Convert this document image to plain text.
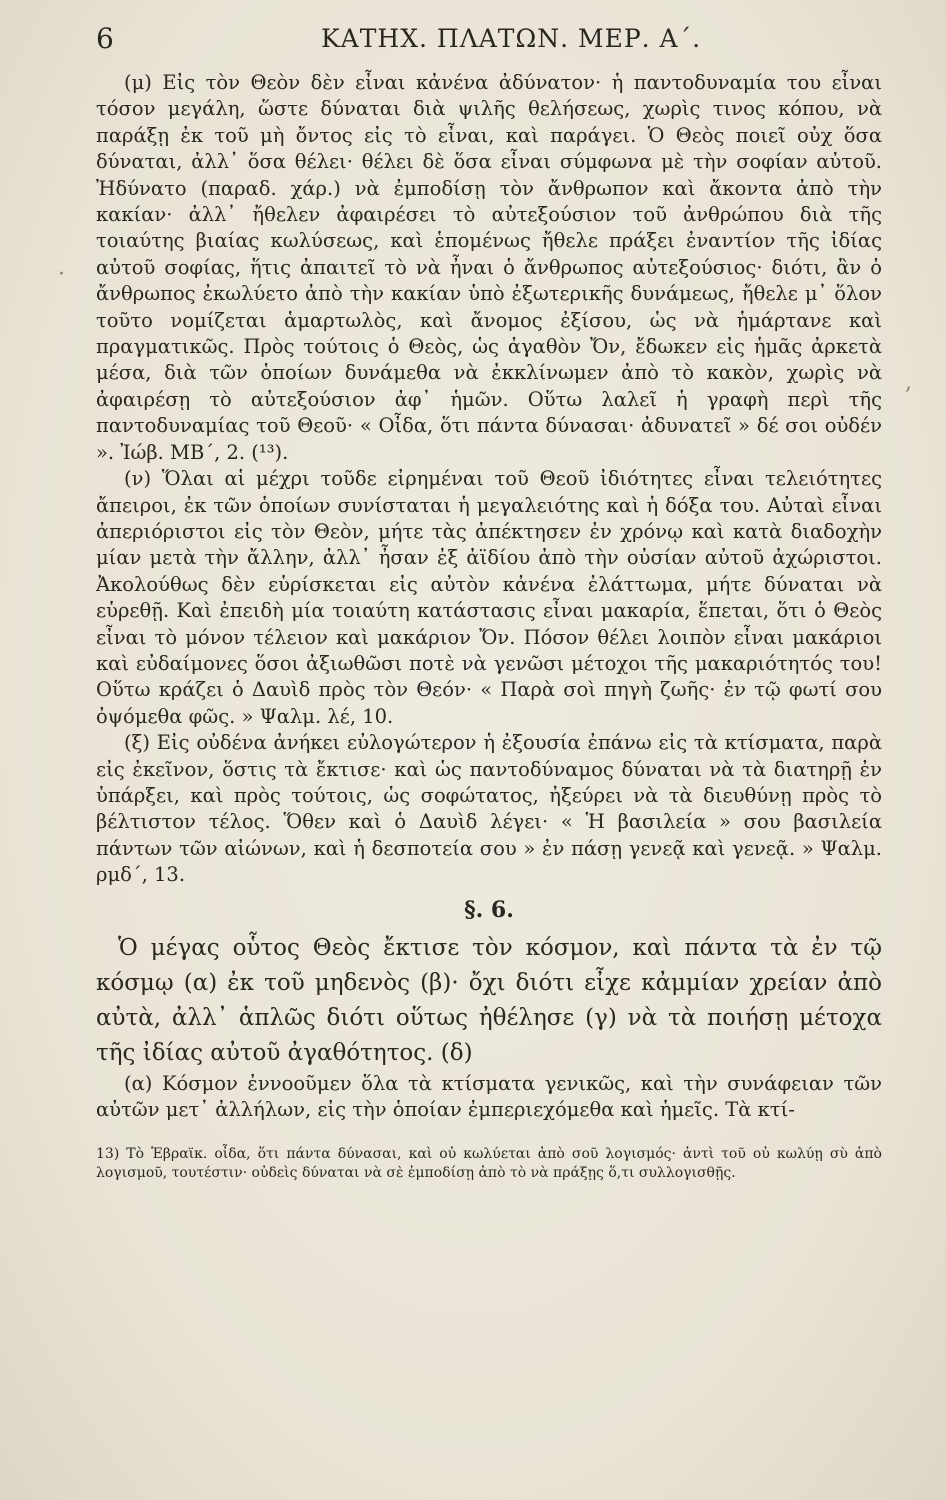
6	ΚΑΤΗΧ. ΠΛΑΤΩΝ. ΜΕΡ. Α΄.
·
,

(μ) Εἰς τὸν Θεὸν δὲν εἶναι κἀνένα ἀδύνατον· ἡ παντοδυναμία του εἶναι τόσον μεγάλη, ὥστε δύναται διὰ ψιλῆς θελήσεως, χωρὶς τινος κόπου, νὰ παράξῃ ἐκ τοῦ μὴ ὄντος εἰς τὸ εἶναι, καὶ παράγει. Ὁ Θεὸς ποιεῖ οὐχ ὅσα δύναται, ἀλλ᾽ ὅσα θέλει· θέλει δὲ ὅσα εἶναι σύμφωνα μὲ τὴν σοφίαν αὐτοῦ. Ἠδύνατο (παραδ. χάρ.) νὰ ἐμποδίσῃ τὸν ἄνθρωπον καὶ ἄκοντα ἀπὸ τὴν κακίαν· ἀλλ᾽ ἤθελεν ἀφαιρέσει τὸ αὐτεξούσιον τοῦ ἀνθρώπου διὰ τῆς τοιαύτης βιαίας κωλύσεως, καὶ ἑπομένως ἤθελε πράξει ἐναντίον τῆς ἰδίας αὐτοῦ σοφίας, ἥτις ἀπαιτεῖ τὸ νὰ ἦναι ὁ ἄνθρωπος αὐτεξούσιος· διότι, ἂν ὁ ἄνθρωπος ἐκωλύετο ἀπὸ τὴν κακίαν ὑπὸ ἐξωτερικῆς δυνάμεως, ἤθελε μ᾽ ὅλον τοῦτο νομίζεται ἁμαρτωλὸς, καὶ ἄνομος ἐξίσου, ὡς νὰ ἡμάρτανε καὶ πραγματικῶς. Πρὸς τούτοις ὁ Θεὸς, ὡς ἀγαθὸν Ὄν, ἔδωκεν εἰς ἡμᾶς ἀρκετὰ μέσα, διὰ τῶν ὁποίων δυνάμεθα νὰ ἐκκλίνωμεν ἀπὸ τὸ κακὸν, χωρὶς νὰ ἀφαιρέσῃ τὸ αὐτεξούσιον ἀφ᾽ ἡμῶν. Οὕτω λαλεῖ ἡ γραφὴ περὶ τῆς παντοδυναμίας τοῦ Θεοῦ· « Οἶδα, ὅτι πάντα δύνασαι· ἀδυνατεῖ » δέ σοι οὐδέν ». Ἰώβ. ΜΒ΄, 2. (¹³).

(ν) Ὅλαι αἱ μέχρι τοῦδε εἰρημέναι τοῦ Θεοῦ ἰδιότητες εἶναι τελειότητες ἄπειροι, ἐκ τῶν ὁποίων συνίσταται ἡ μεγαλειότης καὶ ἡ δόξα του. Αὐταὶ εἶναι ἀπεριόριστοι εἰς τὸν Θεὸν, μήτε τὰς ἀπέκτησεν ἐν χρόνῳ καὶ κατὰ διαδοχὴν μίαν μετὰ τὴν ἄλλην, ἀλλ᾽ ἦσαν ἐξ ἀϊδίου ἀπὸ τὴν οὐσίαν αὐτοῦ ἀχώριστοι. Ἀκολούθως δὲν εὑρίσκεται εἰς αὐτὸν κἀνένα ἐλάττωμα, μήτε δύναται νὰ εὑρεθῇ. Καὶ ἐπειδὴ μία τοιαύτη κατάστασις εἶναι μακαρία, ἕπεται, ὅτι ὁ Θεὸς εἶναι τὸ μόνον τέλειον καὶ μακάριον Ὄν. Πόσον θέλει λοιπὸν εἶναι μακάριοι καὶ εὐδαίμονες ὅσοι ἀξιωθῶσι ποτὲ νὰ γενῶσι μέτοχοι τῆς μακαριότητός του! Οὕτω κράζει ὁ Δαυὶδ πρὸς τὸν Θεόν· « Παρὰ σοὶ πηγὴ ζωῆς· ἐν τῷ φωτί σου ὀψόμεθα φῶς. » Ψαλμ. λέ, 10.

(ξ) Εἰς οὐδένα ἀνήκει εὐλογώτερον ἡ ἐξουσία ἐπάνω εἰς τὰ κτίσματα, παρὰ εἰς ἐκεῖνον, ὅστις τὰ ἔκτισε· καὶ ὡς παντοδύναμος δύναται νὰ τὰ διατηρῇ ἐν ὑπάρξει, καὶ πρὸς τούτοις, ὡς σοφώτατος, ἠξεύρει νὰ τὰ διευθύνῃ πρὸς τὸ βέλτιστον τέλος. Ὅθεν καὶ ὁ Δαυὶδ λέγει· « Ἡ βασιλεία » σου βασιλεία πάντων τῶν αἰώνων, καὶ ἡ δεσποτεία σου » ἐν πάσῃ γενεᾷ καὶ γενεᾷ. » Ψαλμ. ρμδ΄, 13.

§. 6.

Ὁ μέγας οὗτος Θεὸς ἔκτισε τὸν κόσμον, καὶ πάντα τὰ ἐν τῷ κόσμῳ (α) ἐκ τοῦ μηδενὸς (β)· ὄχι διότι εἶχε κἀμμίαν χρείαν ἀπὸ αὐτὰ, ἀλλ᾽ ἁπλῶς διότι οὕτως ἠθέλησε (γ) νὰ τὰ ποιήσῃ μέτοχα τῆς ἰδίας αὐτοῦ ἀγαθότητος. (δ)

(α) Κόσμον ἐννοοῦμεν ὅλα τὰ κτίσματα γενικῶς, καὶ τὴν συνάφειαν τῶν αὐτῶν μετ᾽ ἀλλήλων, εἰς τὴν ὁποίαν ἐμπεριεχόμεθα καὶ ἡμεῖς. Τὰ κτί-

13) Τὸ Ἑβραϊκ. οἶδα, ὅτι πάντα δύνασαι, καὶ οὐ κωλύεται ἀπὸ σοῦ λογισμός· ἀντὶ τοῦ οὐ κωλύῃ σὺ ἀπὸ λογισμοῦ, τουτέστιν· οὐδεὶς δύναται νὰ σὲ ἐμποδίσῃ ἀπὸ τὸ νὰ πράξῃς ὅ,τι συλλογισθῇς.
